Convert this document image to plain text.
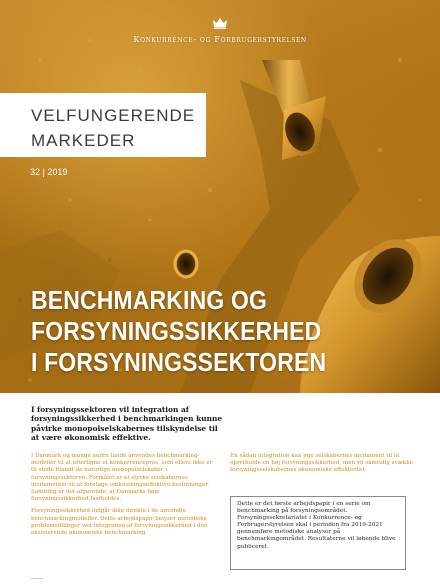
Konkurrence- og Forbrugerstyrelsen
VELFUNGERENDE
MARKEDER
32 | 2019
BENCHMARKING OG
FORSYNINGSSIKKERHED
I FORSYNINGSSEKTOREN
I forsyningssektoren vil integration af forsyningssikkerhed i benchmarkingen kunne påvirke monopolselskabernes tilskyndelse til at være økonomisk effektive.

I Danmark og mange andre lande anvendes benchmarking-modeller til at efterligne et konkurrencepres, som ellers ikke er til stede blandt de naturlige monopolselskaber i forsyningssektoren. Formålet er at styrke selskabernes incitamenter til at foretage omkostningseffektive beslutninger. Samtidig er det afgørende, at Danmarks høje forsyningssikkerhed fastholdes.

Forsyningssikkerhed indgår ikke direkte i de anvendte benchmarkingmodeller. Dette arbejdspapir belyser metodiske problemstillinger ved integration af forsyningssikkerhed i den eksisterende økonomiske benchmarking.

En sådan integration kan øge selskabernes incitament til at opretholde en høj forsyningssikkerhed, men vil samtidig svække forsyningsselskabernes økonomiske effektivitet.

Dette er det første arbejdspapir i en serie om benchmarking på forsyningsområdet. Forsyningssekretariatet i Konkurrence- og Forbrugerstyrelsen skal i perioden fra 2019-2021 gennemføre metodiske analyser på benchmarkingområdet. Resultaterne vil løbende blive publiceret.
